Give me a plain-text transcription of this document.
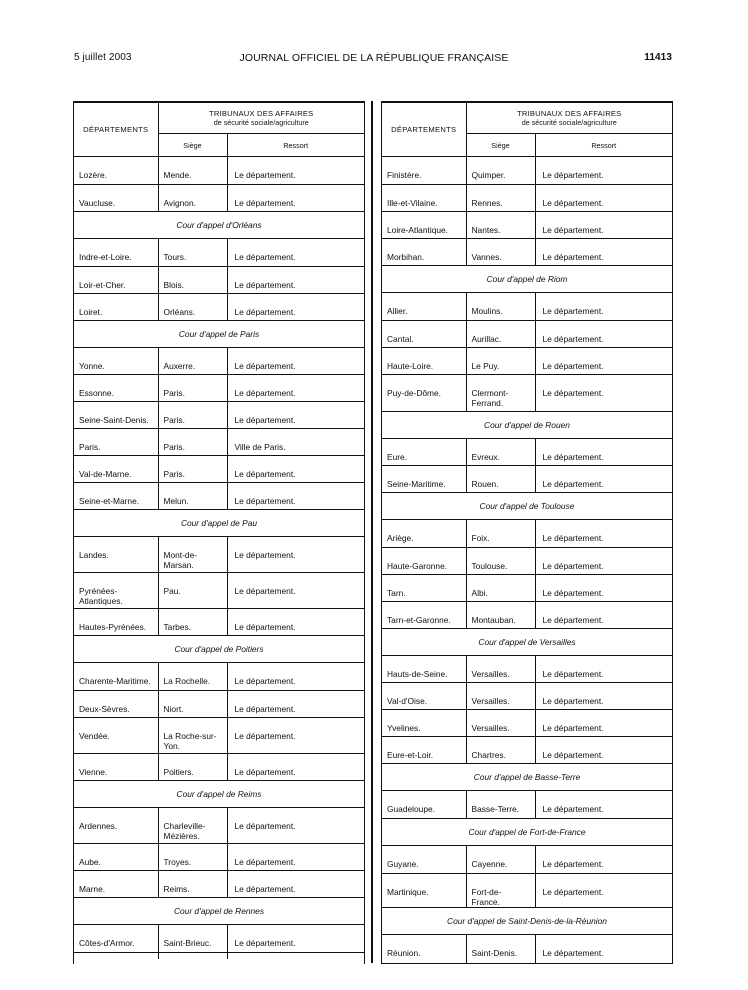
5 juillet 2003	JOURNAL OFFICIEL DE LA RÉPUBLIQUE FRANÇAISE	11413
DÉPARTEMENTS	TRIBUNAUX DES AFFAIRES
de sécurité sociale/agriculture	

	Siège	Ressort
Lozère.	Mende.	Le département.
Vaucluse.	Avignon.	Le département.
Cour d'appel d'Orléans		
Indre-et-Loire.	Tours.	Le département.
Loir-et-Cher.	Blois.	Le département.
Loiret.	Orléans.	Le département.
Cour d'appel de Paris		
Yonne.	Auxerre.	Le département.
Essonne.	Paris.	Le département.
Seine-Saint-Denis.	Paris.	Le département.
Paris.	Paris.	Ville de Paris.
Val-de-Marne.	Paris.	Le département.
Seine-et-Marne.	Melun.	Le département.
Cour d'appel de Pau		
Landes.	Mont-de-Marsan.	Le département.
Pyrénées-Atlantiques.	Pau.	Le département.
Hautes-Pyrénées.	Tarbes.	Le département.
Cour d'appel de Poitiers		
Charente-Maritime.	La Rochelle.	Le département.
Deux-Sèvres.	Niort.	Le département.
Vendée.	La Roche-sur-Yon.	Le département.
Vienne.	Poitiers.	Le département.
Cour d'appel de Reims		
Ardennes.	Charleville-Mézières.	Le département.
Aube.	Troyes.	Le département.
Marne.	Reims.	Le département.
Cour d'appel de Rennes		
Côtes-d'Armor.	Saint-Brieuc.	Le département.

DÉPARTEMENTS	TRIBUNAUX DES AFFAIRES
de sécurité sociale/agriculture	

	Siège	Ressort
Finistère.	Quimper.	Le département.
Ille-et-Vilaine.	Rennes.	Le département.
Loire-Atlantique.	Nantes.	Le département.
Morbihan.	Vannes.	Le département.
Cour d'appel de Riom		
Allier.	Moulins.	Le département.
Cantal.	Aurillac.	Le département.
Haute-Loire.	Le Puy.	Le département.
Puy-de-Dôme.	Clermont-Ferrand.	Le département.
Cour d'appel de Rouen		
Eure.	Evreux.	Le département.
Seine-Maritime.	Rouen.	Le département.
Cour d'appel de Toulouse		
Ariège.	Foix.	Le département.
Haute-Garonne.	Toulouse.	Le département.
Tarn.	Albi.	Le département.
Tarn-et-Garonne.	Montauban.	Le département.
Cour d'appel de Versailles		
Hauts-de-Seine.	Versailles.	Le département.
Val-d'Oise.	Versailles.	Le département.
Yvelines.	Versailles.	Le département.
Eure-et-Loir.	Chartres.	Le département.
Cour d'appel de Basse-Terre		
Guadeloupe.	Basse-Terre.	Le département.
Cour d'appel de Fort-de-France		
Guyane.	Cayenne.	Le département.
Martinique.	Fort-de-France.	Le département.
Cour d'appel de Saint-Denis-de-la-Réunion		
Réunion.	Saint-Denis.	Le département.
